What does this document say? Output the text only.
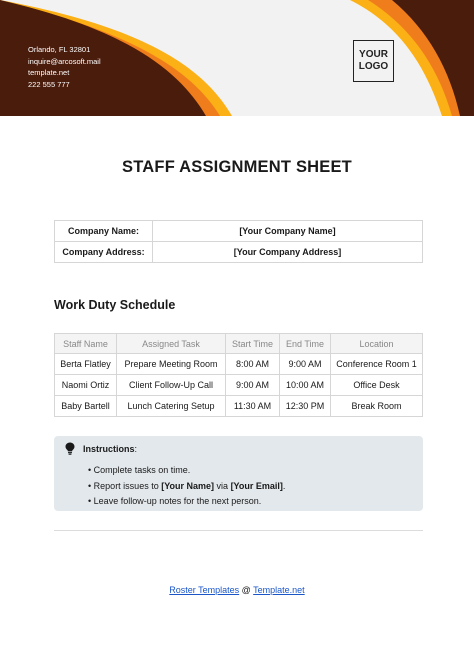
Orlando, FL 32801
inquire@arcosoft.mail
template.net
222 555 777
YOUR
LOGO
STAFF ASSIGNMENT SHEET
Company Name:	[Your Company Name]
Company Address:	[Your Company Address]
Work Duty Schedule
Staff Name	Assigned Task	Start Time	End Time	Location
Berta Flatley	Prepare Meeting Room	8:00 AM	9:00 AM	Conference Room 1
Naomi Ortiz	Client Follow-Up Call	9:00 AM	10:00 AM	Office Desk
Baby Bartell	Lunch Catering Setup	11:30 AM	12:30 PM	Break Room
Instructions:
• Complete tasks on time.
• Report issues to [Your Name] via [Your Email].
• Leave follow-up notes for the next person.
Roster Templates @ Template.net
